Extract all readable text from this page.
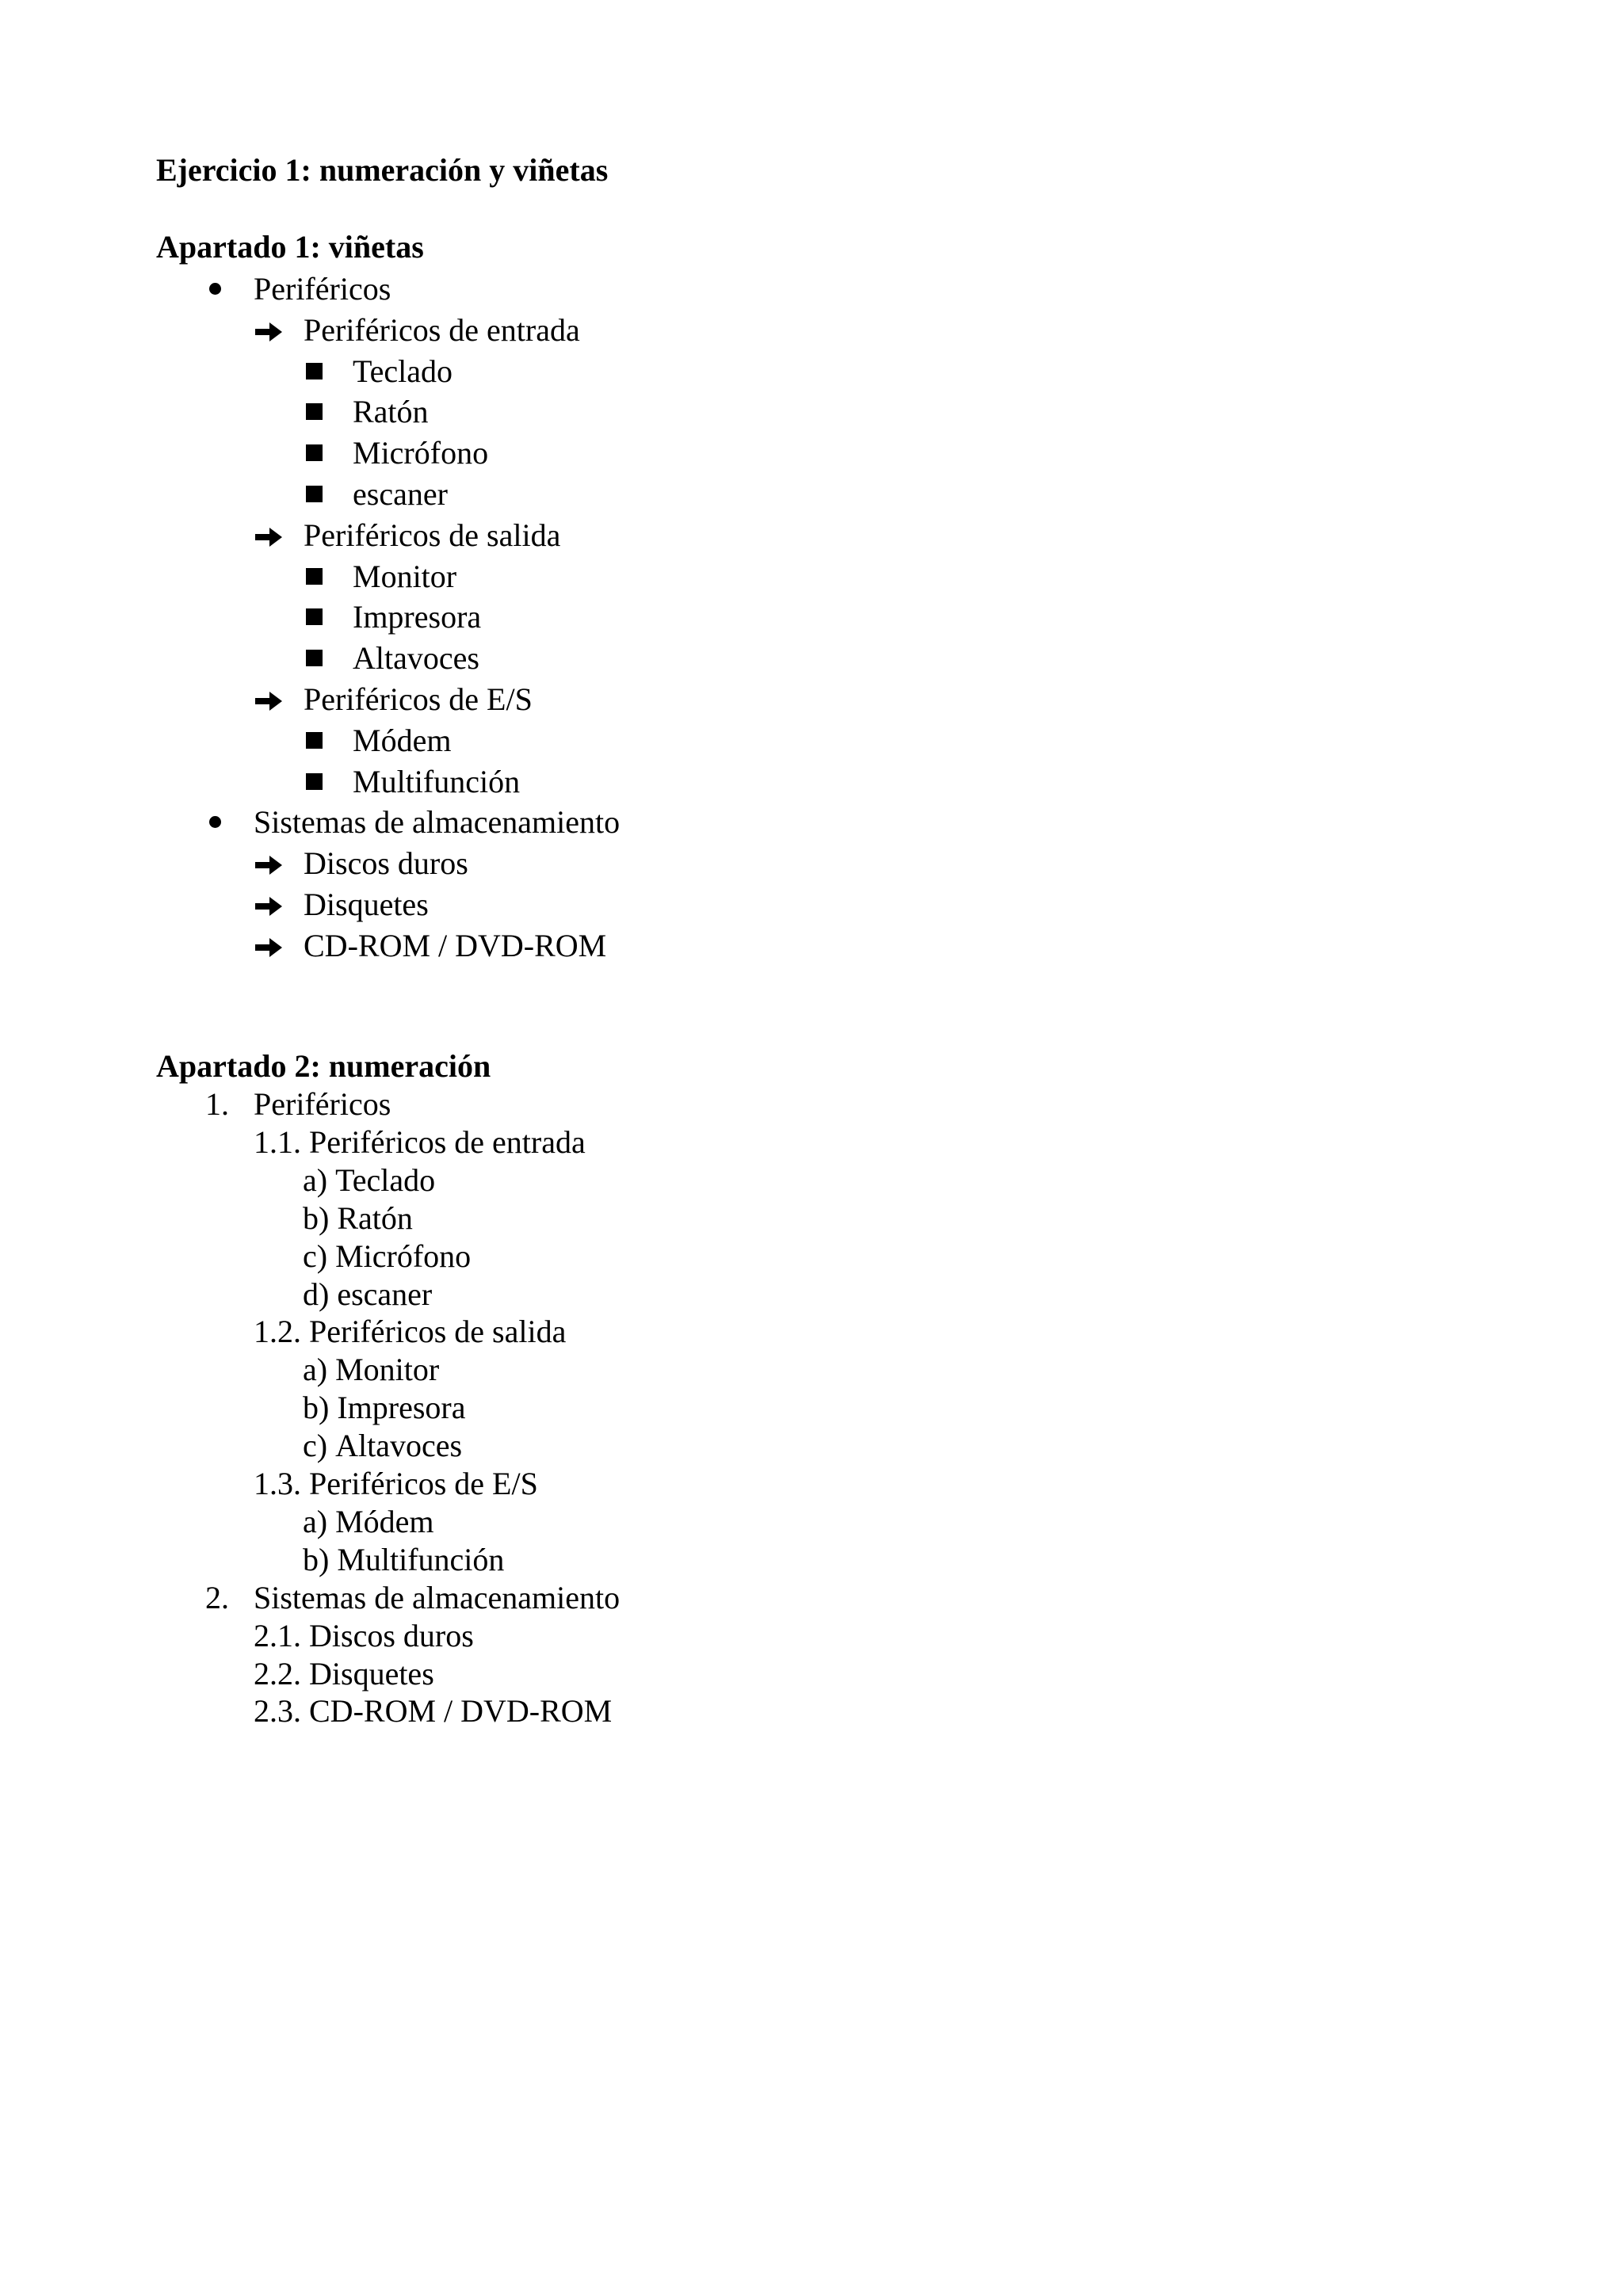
Ejercicio 1: numeración y viñetas
Apartado 1: viñetas
Periféricos
Periféricos de entrada
Teclado
Ratón
Micrófono
escaner
Periféricos de salida
Monitor
Impresora
Altavoces
Periféricos de E/S
Módem
Multifunción
Sistemas de almacenamiento
Discos duros
Disquetes
CD-ROM / DVD-ROM
Apartado 2: numeración
1. Periféricos
1.1. Periféricos de entrada
a) Teclado
b) Ratón
c) Micrófono
d) escaner
1.2. Periféricos de salida
a) Monitor
b) Impresora
c) Altavoces
1.3. Periféricos de E/S
a) Módem
b) Multifunción
2. Sistemas de almacenamiento
2.1. Discos duros
2.2. Disquetes
2.3. CD-ROM / DVD-ROM
